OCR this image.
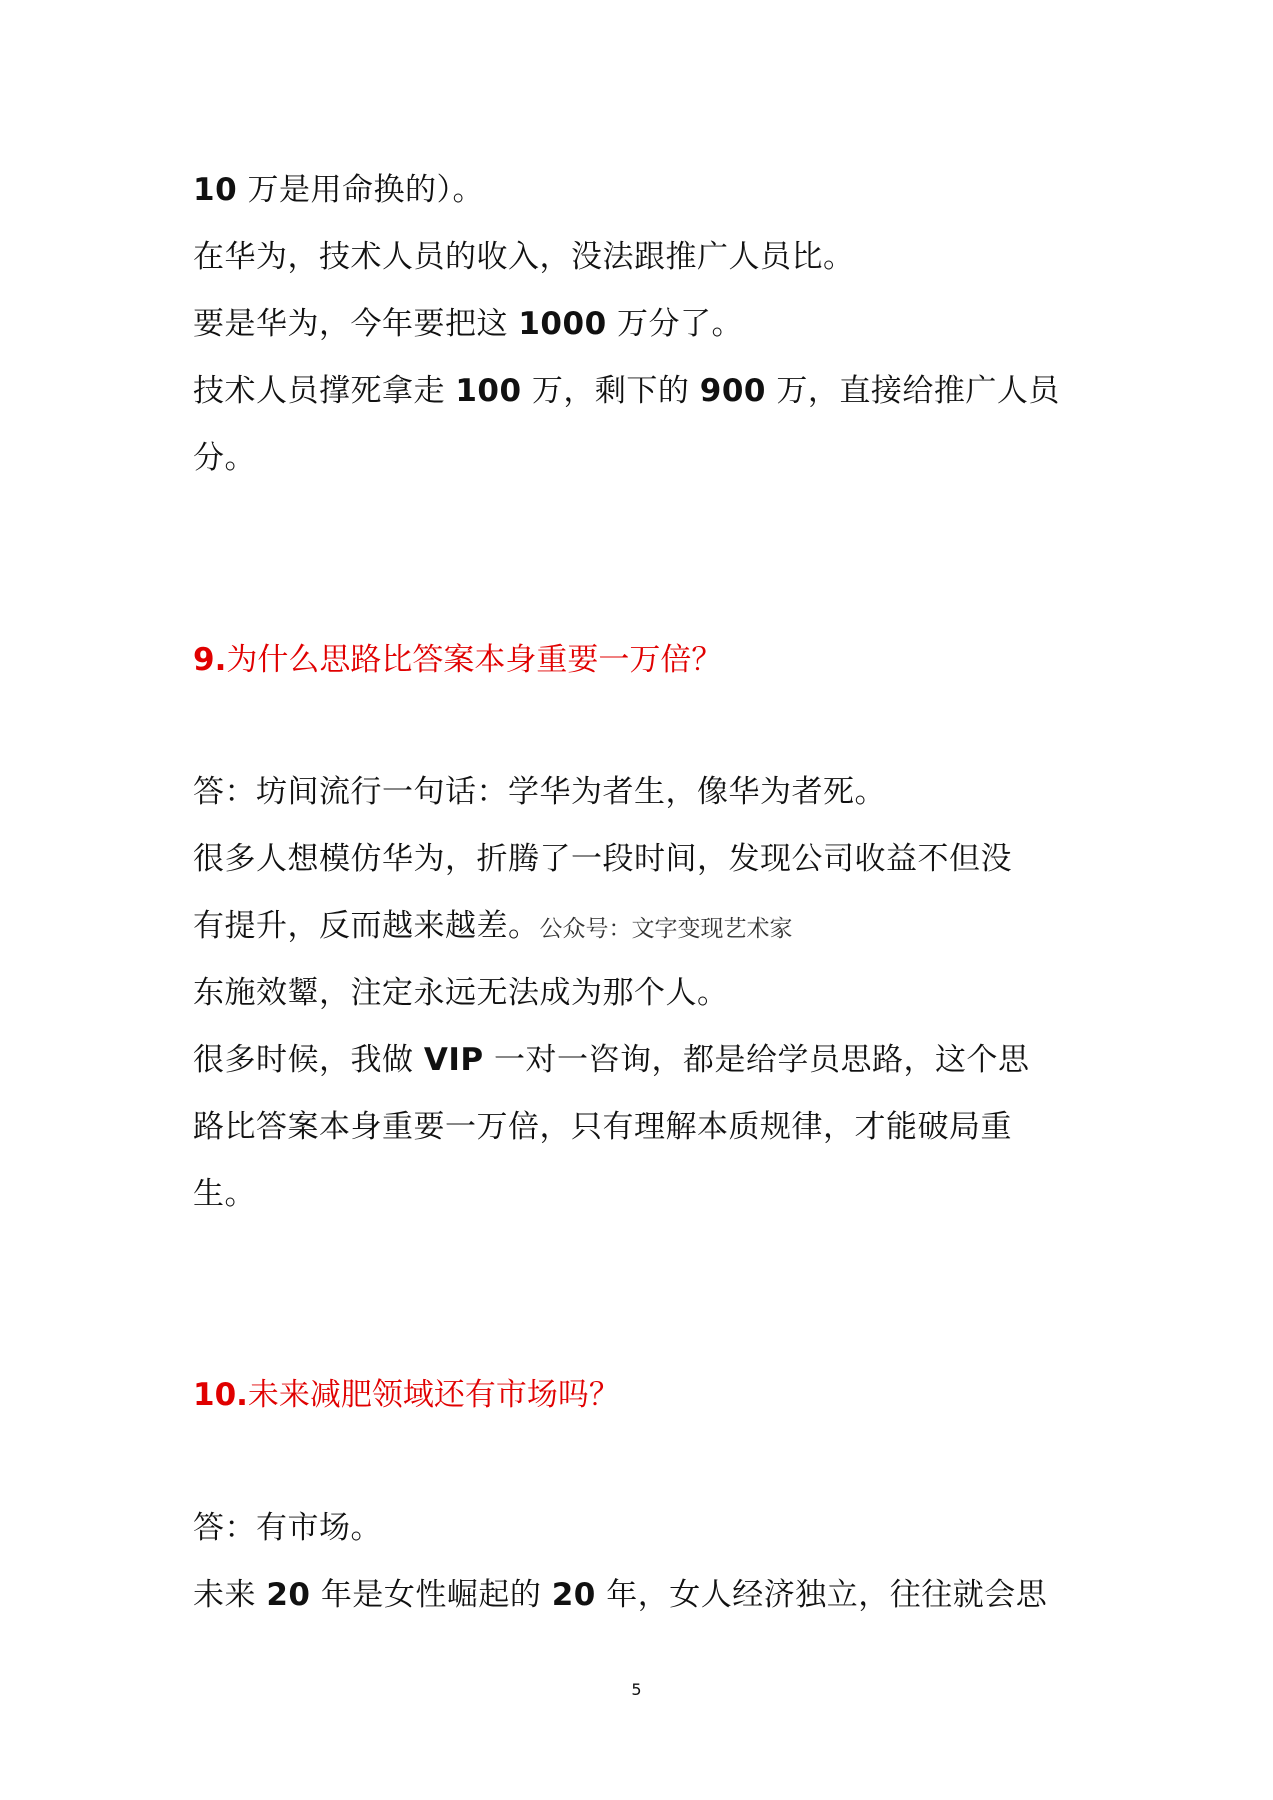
10 万是用命换的）。
在华为，技术人员的收入，没法跟推广人员比。
要是华为，今年要把这 1000 万分了。
技术人员撑死拿走 100 万，剩下的 900 万，直接给推广人员
分。
9.为什么思路比答案本身重要一万倍？
答：坊间流行一句话：学华为者生，像华为者死。
很多人想模仿华为，折腾了一段时间，发现公司收益不但没
有提升，反而越来越差。公众号：文字变现艺术家
东施效颦，注定永远无法成为那个人。
很多时候，我做 VIP 一对一咨询，都是给学员思路，这个思
路比答案本身重要一万倍，只有理解本质规律，才能破局重
生。
10.未来减肥领域还有市场吗？
答：有市场。
未来 20 年是女性崛起的 20 年，女人经济独立，往往就会思
5
